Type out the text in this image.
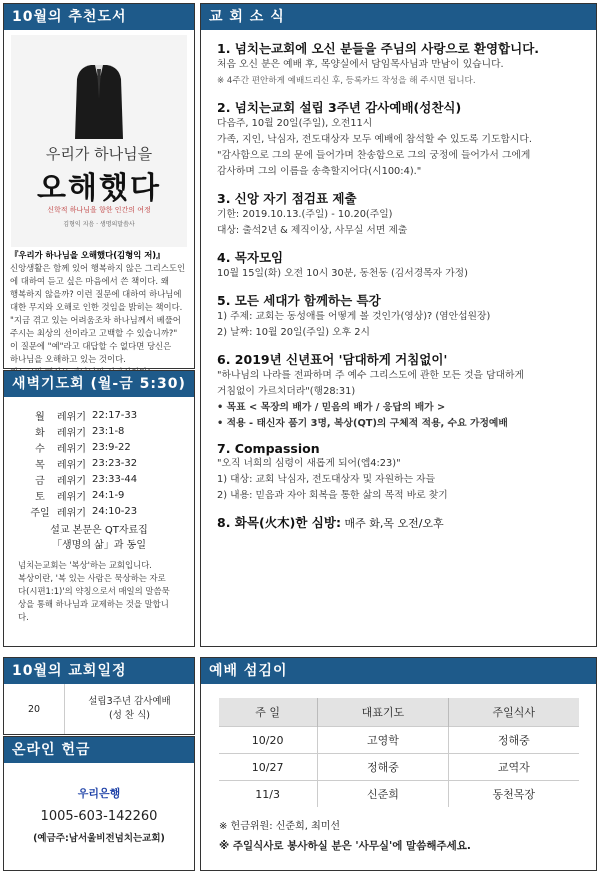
10월의 추천도서
우리가 하나님을
오해했다
신학적 하나님을 향한 인간의 여정
김형익 지음 · 생명의말씀사
『우리가 하나님을 오해했다(김형익 저)』
신앙생활은 함께 있어 행복하지 않은 그리스도인
에 대하여 듣고 싶은 마음에서 쓴 책이다. 왜
행복하지 않을까? 이런 질문에 대하여 하나님에
대한 무지와 오해로 인한 것임을 밝히는 책이다.
"지금 겪고 있는 어려움조차 하나님께서 베풀어
주시는 최상의 선이라고 고백할 수 있습니까?"
이 질문에 "예"라고 대답할 수 없다면 당신은
하나님을 오해하고 있는 것이다.
새벽기도회 (월-금 5:30)
월	레위기	22:17-33
화	레위기	23:1-8
수	레위기	23:9-22
목	레위기	23:23-32
금	레위기	23:33-44
토	레위기	24:1-9
주일	레위기	24:10-23
설교 본문은 QT자료집
「생명의 삶」과 동일
넘치는교회는 '복상'하는 교회입니다.
복상이란, '복 있는 사람은 묵상하는 자로
다(시편1:1)'의 약칭으로서 매일의 말씀묵
상을 통해 하나님과 교제하는 것을 말합니
다.
10월의 교회일정
20
설립3주년 감사예배
(성 찬 식)
온라인 헌금
우리은행
1005-603-142260
(예금주:남서울비전넘치는교회)
교 회 소 식
1. 넘치는교회에 오신 분들을 주님의 사랑으로 환영합니다.
처음 오신 분은 예배 후, 목양실에서 담임목사님과 만남이 있습니다.
※ 4주간 편안하게 예배드리신 후, 등록카드 작성을 해 주시면 됩니다.
2. 넘치는교회 설립 3주년 감사예배(성찬식)
다음주, 10월 20일(주일), 오전11시
가족, 지인, 낙심자, 전도대상자 모두 예배에 참석할 수 있도록 기도합시다.
"감사함으로 그의 문에 들어가며 찬송함으로 그의 궁정에 들어가서 그에게
감사하며 그의 이름을 송축할지어다(시100:4)."
3. 신앙 자기 점검표 제출
기한: 2019.10.13.(주일) - 10.20(주일)
대상: 출석2년 & 제직이상, 사무실 서면 제출
4. 목자모임
10월 15일(화) 오전 10시 30분, 동천동 (김서경목자 가정)
5. 모든 세대가 함께하는 특강
1) 주제: 교회는 동성애를 어떻게 볼 것인가(영상)? (염안섭원장)
2) 날짜: 10월 20일(주일) 오후 2시
6. 2019년 신년표어 '담대하게 거침없이'
"하나님의 나라를 전파하며 주 예수 그리스도에 관한 모든 것을 담대하게
거침없이 가르치더라"(행28:31)
• 목표 < 목장의 배가 / 믿음의 배가 / 응답의 배가 >
• 적용 - 태신자 품기 3명, 복상(QT)의 구체적 적용, 수요 가정예배
7. Compassion
"오직 너희의 심령이 새롭게 되어(엡4:23)"
1) 대상: 교회 낙심자, 전도대상자 및 자원하는 자들
2) 내용: 믿음과 자아 회복을 통한 삶의 목적 바로 찾기
8. 화목(火木)한 심방: 매주 화,목 오전/오후
예배 섬김이
주 일	대표기도	주일식사
10/20	고영학	정해중
10/27	정해중	교역자
11/3	신준희	동천목장
※ 헌금위원: 신준희, 최미선
※ 주일식사로 봉사하실 분은 '사무실'에 말씀해주세요.
